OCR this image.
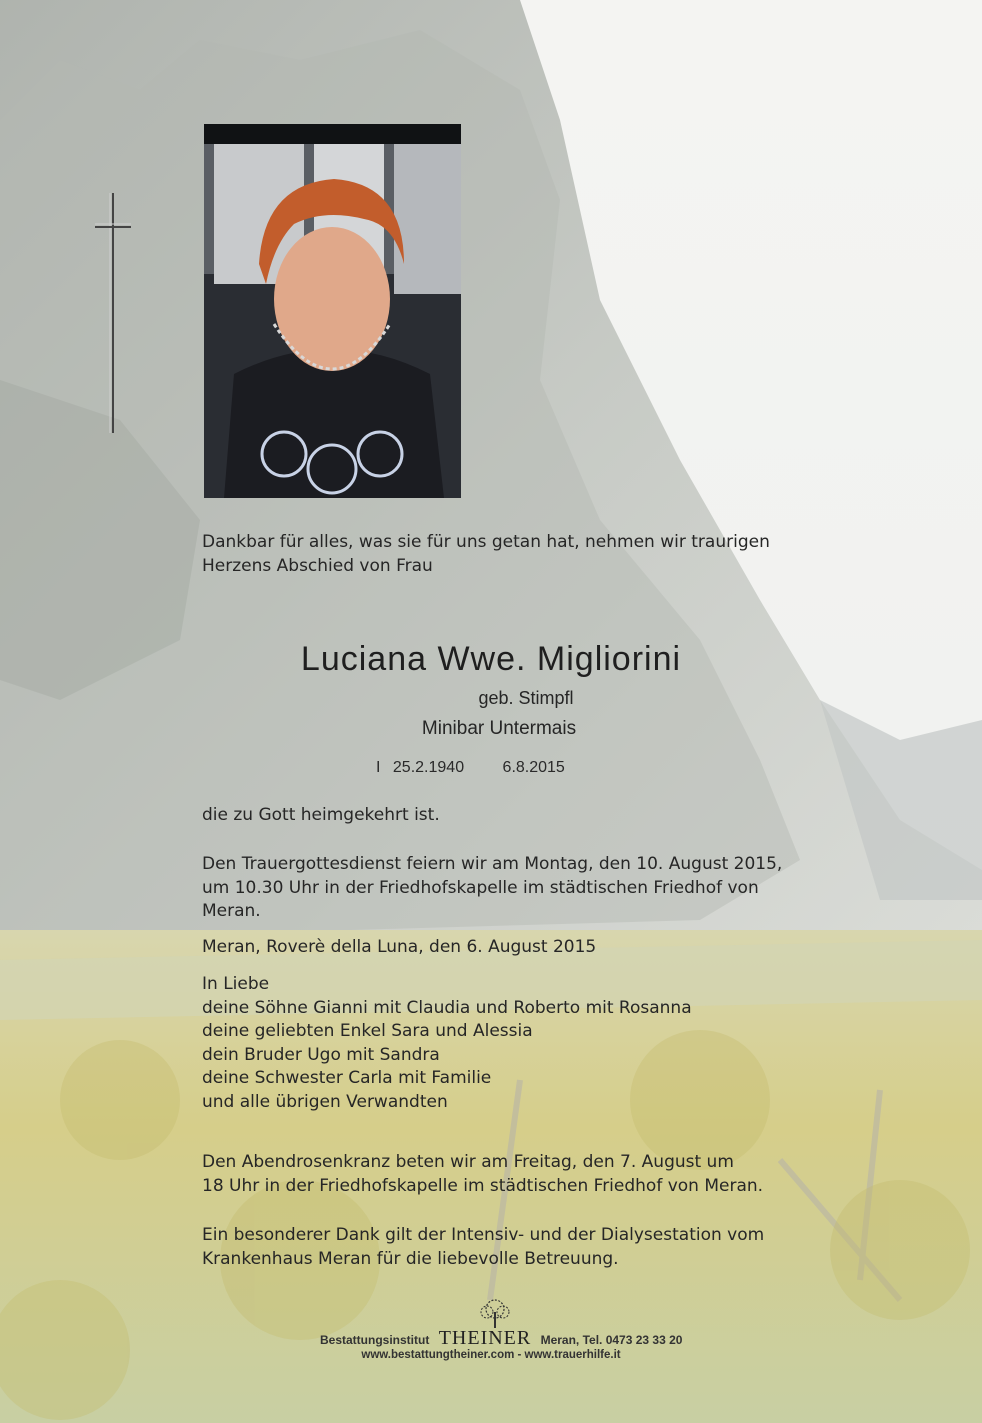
Dankbar für alles, was sie für uns getan hat, nehmen wir traurigen
Herzens Abschied von Frau
Luciana Wwe. Migliorini
geb. Stimpfl
Minibar Untermais
I 25.2.1940 6.8.2015
die zu Gott heimgekehrt ist.
Den Trauergottesdienst feiern wir am Montag, den 10. August 2015,
um 10.30 Uhr in der Friedhofskapelle im städtischen Friedhof von
Meran.
Meran, Roverè della Luna, den 6. August 2015
In Liebe
deine Söhne Gianni mit Claudia und Roberto mit Rosanna
deine geliebten Enkel Sara und Alessia
dein Bruder Ugo mit Sandra
deine Schwester Carla mit Familie
und alle übrigen Verwandten
Den Abendrosenkranz beten wir am Freitag, den 7. August um
18 Uhr in der Friedhofskapelle im städtischen Friedhof von Meran.
Ein besonderer Dank gilt der Intensiv- und der Dialysestation vom
Krankenhaus Meran für die liebevolle Betreuung.
Bestattungsinstitut THEINER Meran, Tel. 0473 23 33 20
www.bestattungtheiner.com - www.trauerhilfe.it
